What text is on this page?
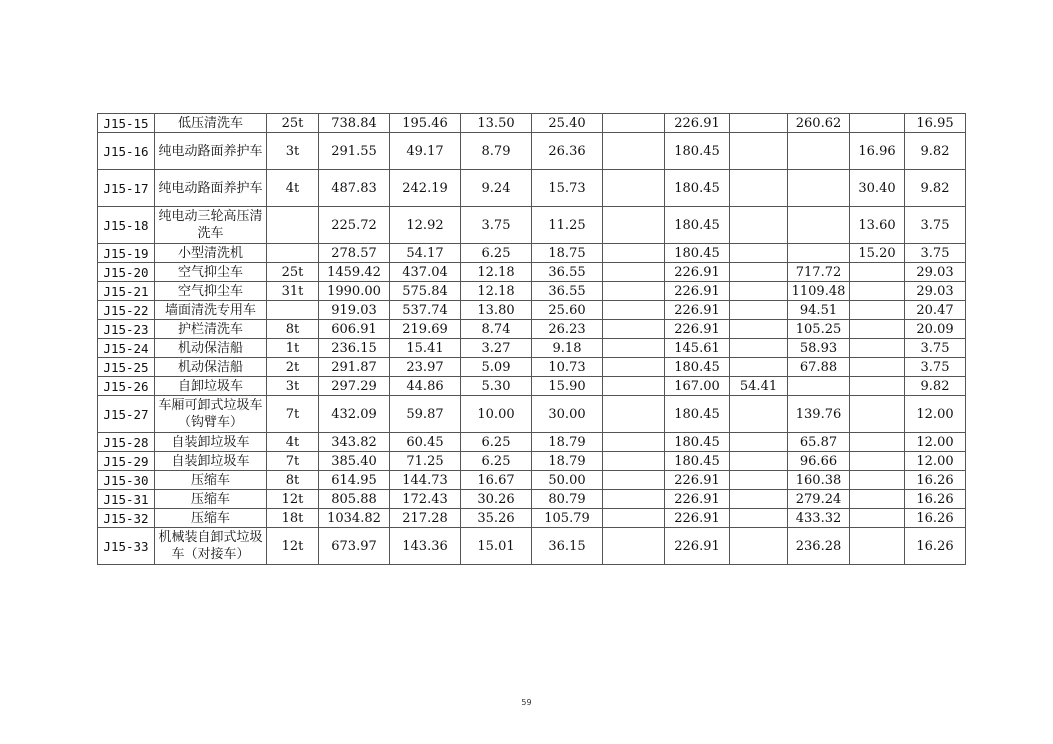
J15-15	低压清洗车	25t	738.84	195.46	13.50	25.40		226.91		260.62		16.95
J15-16	纯电动路面养护车	3t	291.55	49.17	8.79	26.36		180.45			16.96	9.82
J15-17	纯电动路面养护车	4t	487.83	242.19	9.24	15.73		180.45			30.40	9.82
J15-18	纯电动三轮高压清洗车		225.72	12.92	3.75	11.25		180.45			13.60	3.75
J15-19	小型清洗机		278.57	54.17	6.25	18.75		180.45			15.20	3.75
J15-20	空气抑尘车	25t	1459.42	437.04	12.18	36.55		226.91		717.72		29.03
J15-21	空气抑尘车	31t	1990.00	575.84	12.18	36.55		226.91		1109.48		29.03
J15-22	墙面清洗专用车		919.03	537.74	13.80	25.60		226.91		94.51		20.47
J15-23	护栏清洗车	8t	606.91	219.69	8.74	26.23		226.91		105.25		20.09
J15-24	机动保洁船	1t	236.15	15.41	3.27	9.18		145.61		58.93		3.75
J15-25	机动保洁船	2t	291.87	23.97	5.09	10.73		180.45		67.88		3.75
J15-26	自卸垃圾车	3t	297.29	44.86	5.30	15.90		167.00	54.41			9.82
J15-27	车厢可卸式垃圾车（钩臂车）	7t	432.09	59.87	10.00	30.00		180.45		139.76		12.00
J15-28	自装卸垃圾车	4t	343.82	60.45	6.25	18.79		180.45		65.87		12.00
J15-29	自装卸垃圾车	7t	385.40	71.25	6.25	18.79		180.45		96.66		12.00
J15-30	压缩车	8t	614.95	144.73	16.67	50.00		226.91		160.38		16.26
J15-31	压缩车	12t	805.88	172.43	30.26	80.79		226.91		279.24		16.26
J15-32	压缩车	18t	1034.82	217.28	35.26	105.79		226.91		433.32		16.26
J15-33	机械装自卸式垃圾车（对接车）	12t	673.97	143.36	15.01	36.15		226.91		236.28		16.26
59
